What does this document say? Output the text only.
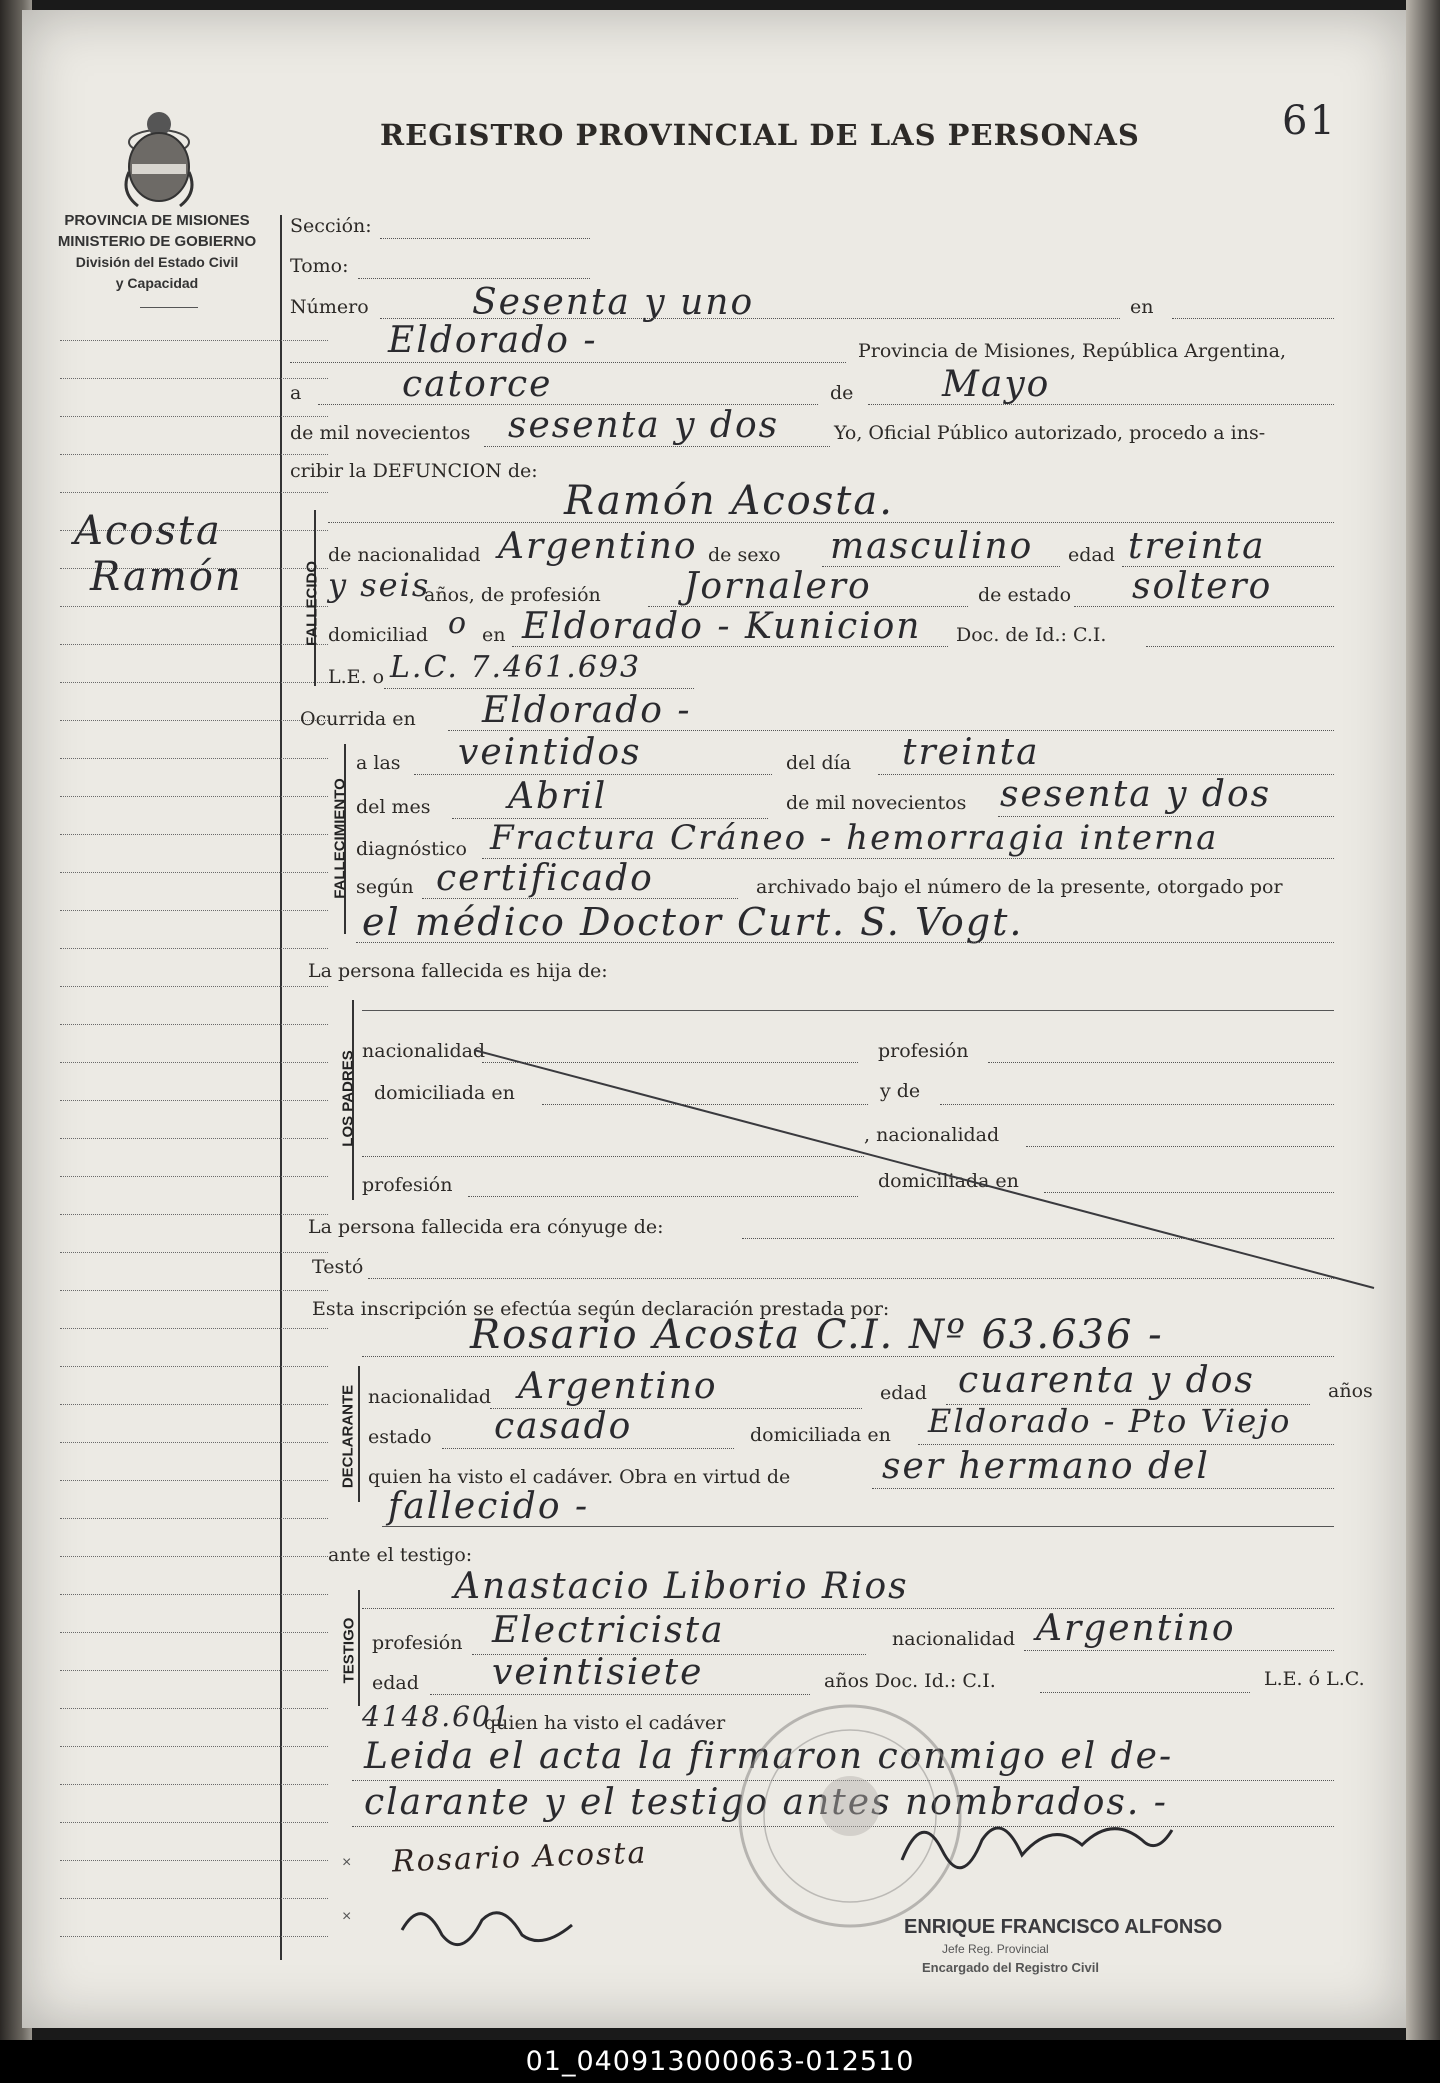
REGISTRO PROVINCIAL DE LAS PERSONAS	61
PROVINCIA DE MISIONES
MINISTERIO DE GOBIERNO
División del Estado Civil
y Capacidad
Acosta
Ramón
Sección:
Tomo:
Número	Sesenta y uno	en
Eldorado -	Provincia de Misiones, República Argentina,
a	catorce	de Mayo
de mil novecientos sesenta y dos	Yo, Oficial Público autorizado, procedo a ins-
cribir la DEFUNCION de:
FALLECIDO
Ramón Acosta.
de nacionalidad Argentino de sexo masculino edad treinta
y seis
años, de profesión Jornalero	de estado soltero
domiciliad o en Eldorado - Kunicion Doc. de Id.: C.I.
L.E. o L.C. 7.461.693
Ocurrida en Eldorado -
FALLECIMIENTO
a las veintidos	del día treinta
del mes Abril	de mil novecientos sesenta y dos
diagnóstico Fractura Cráneo - hemorragia interna
según certificado	archivado bajo el número de la presente, otorgado por
el médico Doctor Curt. S. Vogt.
La persona fallecida es hija de:
LOS PADRES nacionalidad	profesión
domiciliada en	y de
, nacionalidad
profesión	domiciliada en
La persona fallecida era cónyuge de:
Testó
Esta inscripción se efectúa según declaración prestada por:
Rosario Acosta C.I. Nº 63.636 -
DECLARANTE nacionalidad Argentino	edad cuarenta y dos	años
estado casado	domiciliada en Eldorado - Pto Viejo
quien ha visto el cadáver. Obra en virtud de	ser hermano del
fallecido -
ante el testigo:
Anastacio Liborio Rios
TESTIGO profesión Electricista	nacionalidad Argentino
edad veintisiete	años Doc. Id.: C.I.	L.E. ó L.C.
4148.601
quien ha visto el cadáver
Leida el acta la firmaron conmigo el de-
clarante y el testigo antes nombrados. -
Rosario Acosta
ENRIQUE FRANCISCO ALFONSO
Jefe Reg. Provincial
Encargado del Registro Civil
×
×
01_040913000063-012510
